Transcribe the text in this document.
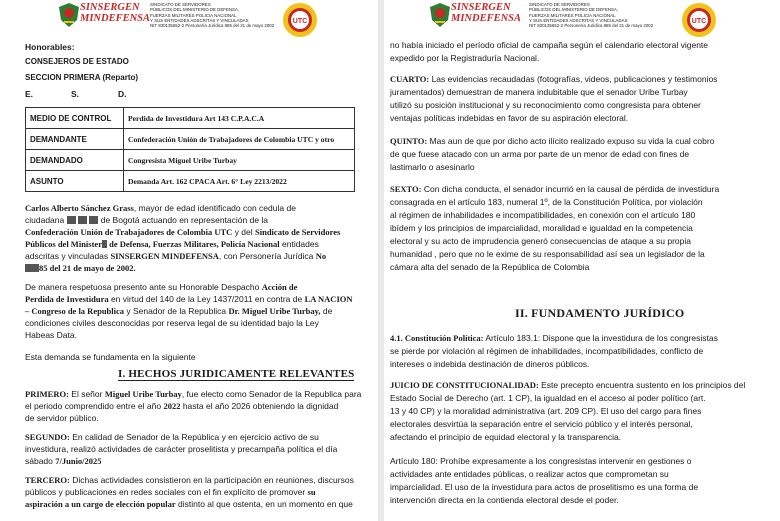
SINSERGEN
MINDEFENSA
SINDICATO DE SERVIDORES
PÚBLICOS DEL MINISTERIO DE DEFENSA,
FUERZAS MILITARES POLICIA NACIONAL
Y SUS ENTIDADES ADSCRITAS Y VINCULADAS
NIT 830135652-2 Personería Jurídica 885 del 21 de mayo 2002
UTC
Honorables:
CONSEJEROS DE ESTADO
SECCION PRIMERA (Reparto)
E.	S.	D.
MEDIO DE CONTROL	Perdida de Investidura Art 143 C.P.A.C.A
DEMANDANTE	Confederación Unión de Trabajadores de Colombia UTC y otro
DEMANDADO	Congresista Miguel Uribe Turbay
ASUNTO	Demanda Art. 162 CPACA Art. 6° Ley 2213/2022
Carlos Alberto Sánchez Grass, mayor de edad identificado con cedula de
ciudadana	de Bogotá actuando en representación de la
Confederación Unión de Trabajadores de Colombia UTC y del Sindicato de Servidores
Públicos del Minister de Defensa, Fuerzas Militares, Policía Nacional entidades
adscritas y vinculadas SINSERGEN MINDEFENSA, con Personería Jurídica No
85 del 21 de mayo de 2002.
De manera respetuosa presento ante su Honorable Despacho Acción de
Perdida de Investidura en virtud del 140 de la Ley 1437/2011 en contra de LA NACION
– Congreso de la Republica y Senador de la Republica Dr. Miguel Uribe Turbay, de
condiciones civiles desconocidas por reserva legal de su identidad bajo la Ley
Habeas Data.
Esta demanda se fundamenta en la siguiente
I. HECHOS JURIDICAMENTE RELEVANTES
PRIMERO: El señor Miguel Uribe Turbay, fue electo como Senador de la Republica para
el periodo comprendido entre el año 2022 hasta el año 2026 obteniendo la dignidad
de servidor público.
SEGUNDO: En calidad de Senador de la República y en ejercicio activo de su
investidura, realizó actividades de carácter proselitista y precampaña política el día
sábado 7/Junio/2025
TERCERO: Dichas actividades consistieron en la participación en reuniones, discursos
públicos y publicaciones en redes sociales con el fin explícito de promover su
aspiración a un cargo de elección popular distinto al que ostenta, en un momento en que
SINSERGEN
MINDEFENSA
SINDICATO DE SERVIDORES
PÚBLICOS DEL MINISTERIO DE DEFENSA,
FUERZAS MILITARES POLICIA NACIONAL
Y SUS ENTIDADES ADSCRITAS Y VINCULADAS
NIT 830135652-2 Personería Jurídica 885 del 21 de mayo 2002
UTC
no había iniciado el período oficial de campaña según el calendario electoral vigente
expedido por la Registraduría Nacional.
CUARTO: Las evidencias recaudadas (fotografías, videos, publicaciones y testimonios
juramentados) demuestran de manera indubitable que el senador Uribe Turbay
utilizó su posición institucional y su reconocimiento como congresista para obtener
ventajas políticas indebidas en favor de su aspiración electoral.
QUINTO: Mas aun de que por dicho acto ilícito realizado expuso su vida la cual cobro
de que fuese atacado con un arma por parte de un menor de edad con fines de
lastimarlo o asesinarlo
SEXTO: Con dicha conducta, el senador incurrió en la causal de pérdida de investidura
consagrada en el artículo 183, numeral 1º, de la Constitución Política, por violación
al régimen de inhabilidades e incompatibilidades, en conexión con el artículo 180
ibídem y los principios de imparcialidad, moralidad e igualdad en la competencia
electoral y su acto de imprudencia generó consecuencias de ataque a su propia
humanidad , pero que no le exime de su responsabilidad así sea un legislador de la
cámara alta del senado de la República de Colombia
II. FUNDAMENTO JURÍDICO
4.1. Constitución Política: Artículo 183.1: Dispone que la investidura de los congresistas
se pierde por violación al régimen de inhabilidades, incompatibilidades, conflicto de
intereses o indebida destinación de dineros públicos.
JUICIO DE CONSTITUCIONALIDAD: Este precepto encuentra sustento en los principios del
Estado Social de Derecho (art. 1 CP), la igualdad en el acceso al poder político (art.
13 y 40 CP) y la moralidad administrativa (art. 209 CP). El uso del cargo para fines
electorales desvirtúa la separación entre el servicio público y el interés personal,
afectando el principio de equidad electoral y la transparencia.
Artículo 180: Prohíbe expresamente a los congresistas intervenir en gestiones o
actividades ante entidades públicas, o realizar actos que comprometan su
imparcialidad. El uso de la investidura para actos de proselitismo es una forma de
intervención directa en la contienda electoral desde el poder.
